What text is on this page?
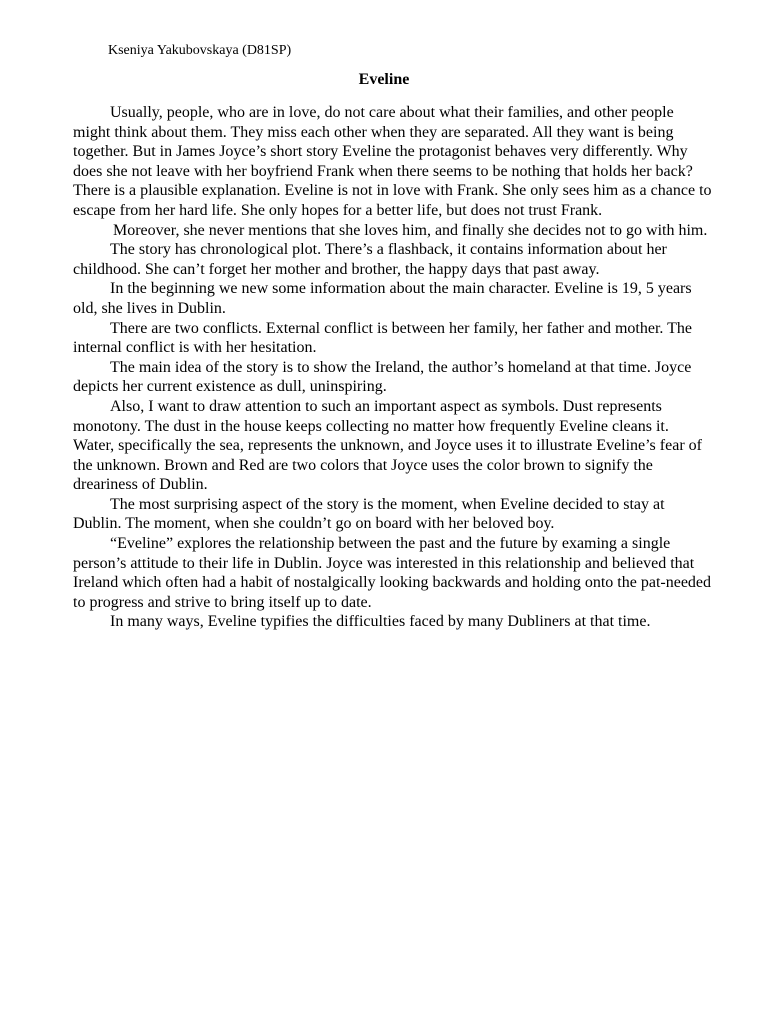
Kseniya Yakubovskaya (D81SP)
Eveline

Usually, people, who are in love, do not care about what their families, and other people might think about them. They miss each other when they are separated. All they want is being together. But in James Joyce’s short story Eveline the protagonist behaves very differently. Why does she not leave with her boyfriend Frank when there seems to be nothing that holds her back? There is a plausible explanation. Eveline is not in love with Frank. She only sees him as a chance to escape from her hard life. She only hopes for a better life, but does not trust Frank.

Moreover, she never mentions that she loves him, and finally she decides not to go with him.

The story has chronological plot. There’s a flashback, it contains information about her childhood. She can’t forget her mother and brother, the happy days that past away.

In the beginning we new some information about the main character. Eveline is 19, 5 years old, she lives in Dublin.

There are two conflicts. External conflict is between her family, her father and mother. The internal conflict is with her hesitation.

The main idea of the story is to show the Ireland, the author’s homeland at that time. Joyce depicts her current existence as dull, uninspiring.

Also, I want to draw attention to such an important aspect as symbols. Dust represents monotony. The dust in the house keeps collecting no matter how frequently Eveline cleans it. Water, specifically the sea, represents the unknown, and Joyce uses it to illustrate Eveline’s fear of the unknown. Brown and Red are two colors that Joyce uses the color brown to signify the dreariness of Dublin.

The most surprising aspect of the story is the moment, when Eveline decided to stay at Dublin. The moment, when she couldn’t go on board with her beloved boy.

“Eveline” explores the relationship between the past and the future by examing a single person’s attitude to their life in Dublin. Joyce was interested in this relationship and believed that Ireland which often had a habit of nostalgically looking backwards and holding onto the pat-needed to progress and strive to bring itself up to date.

In many ways, Eveline typifies the difficulties faced by many Dubliners at that time.
